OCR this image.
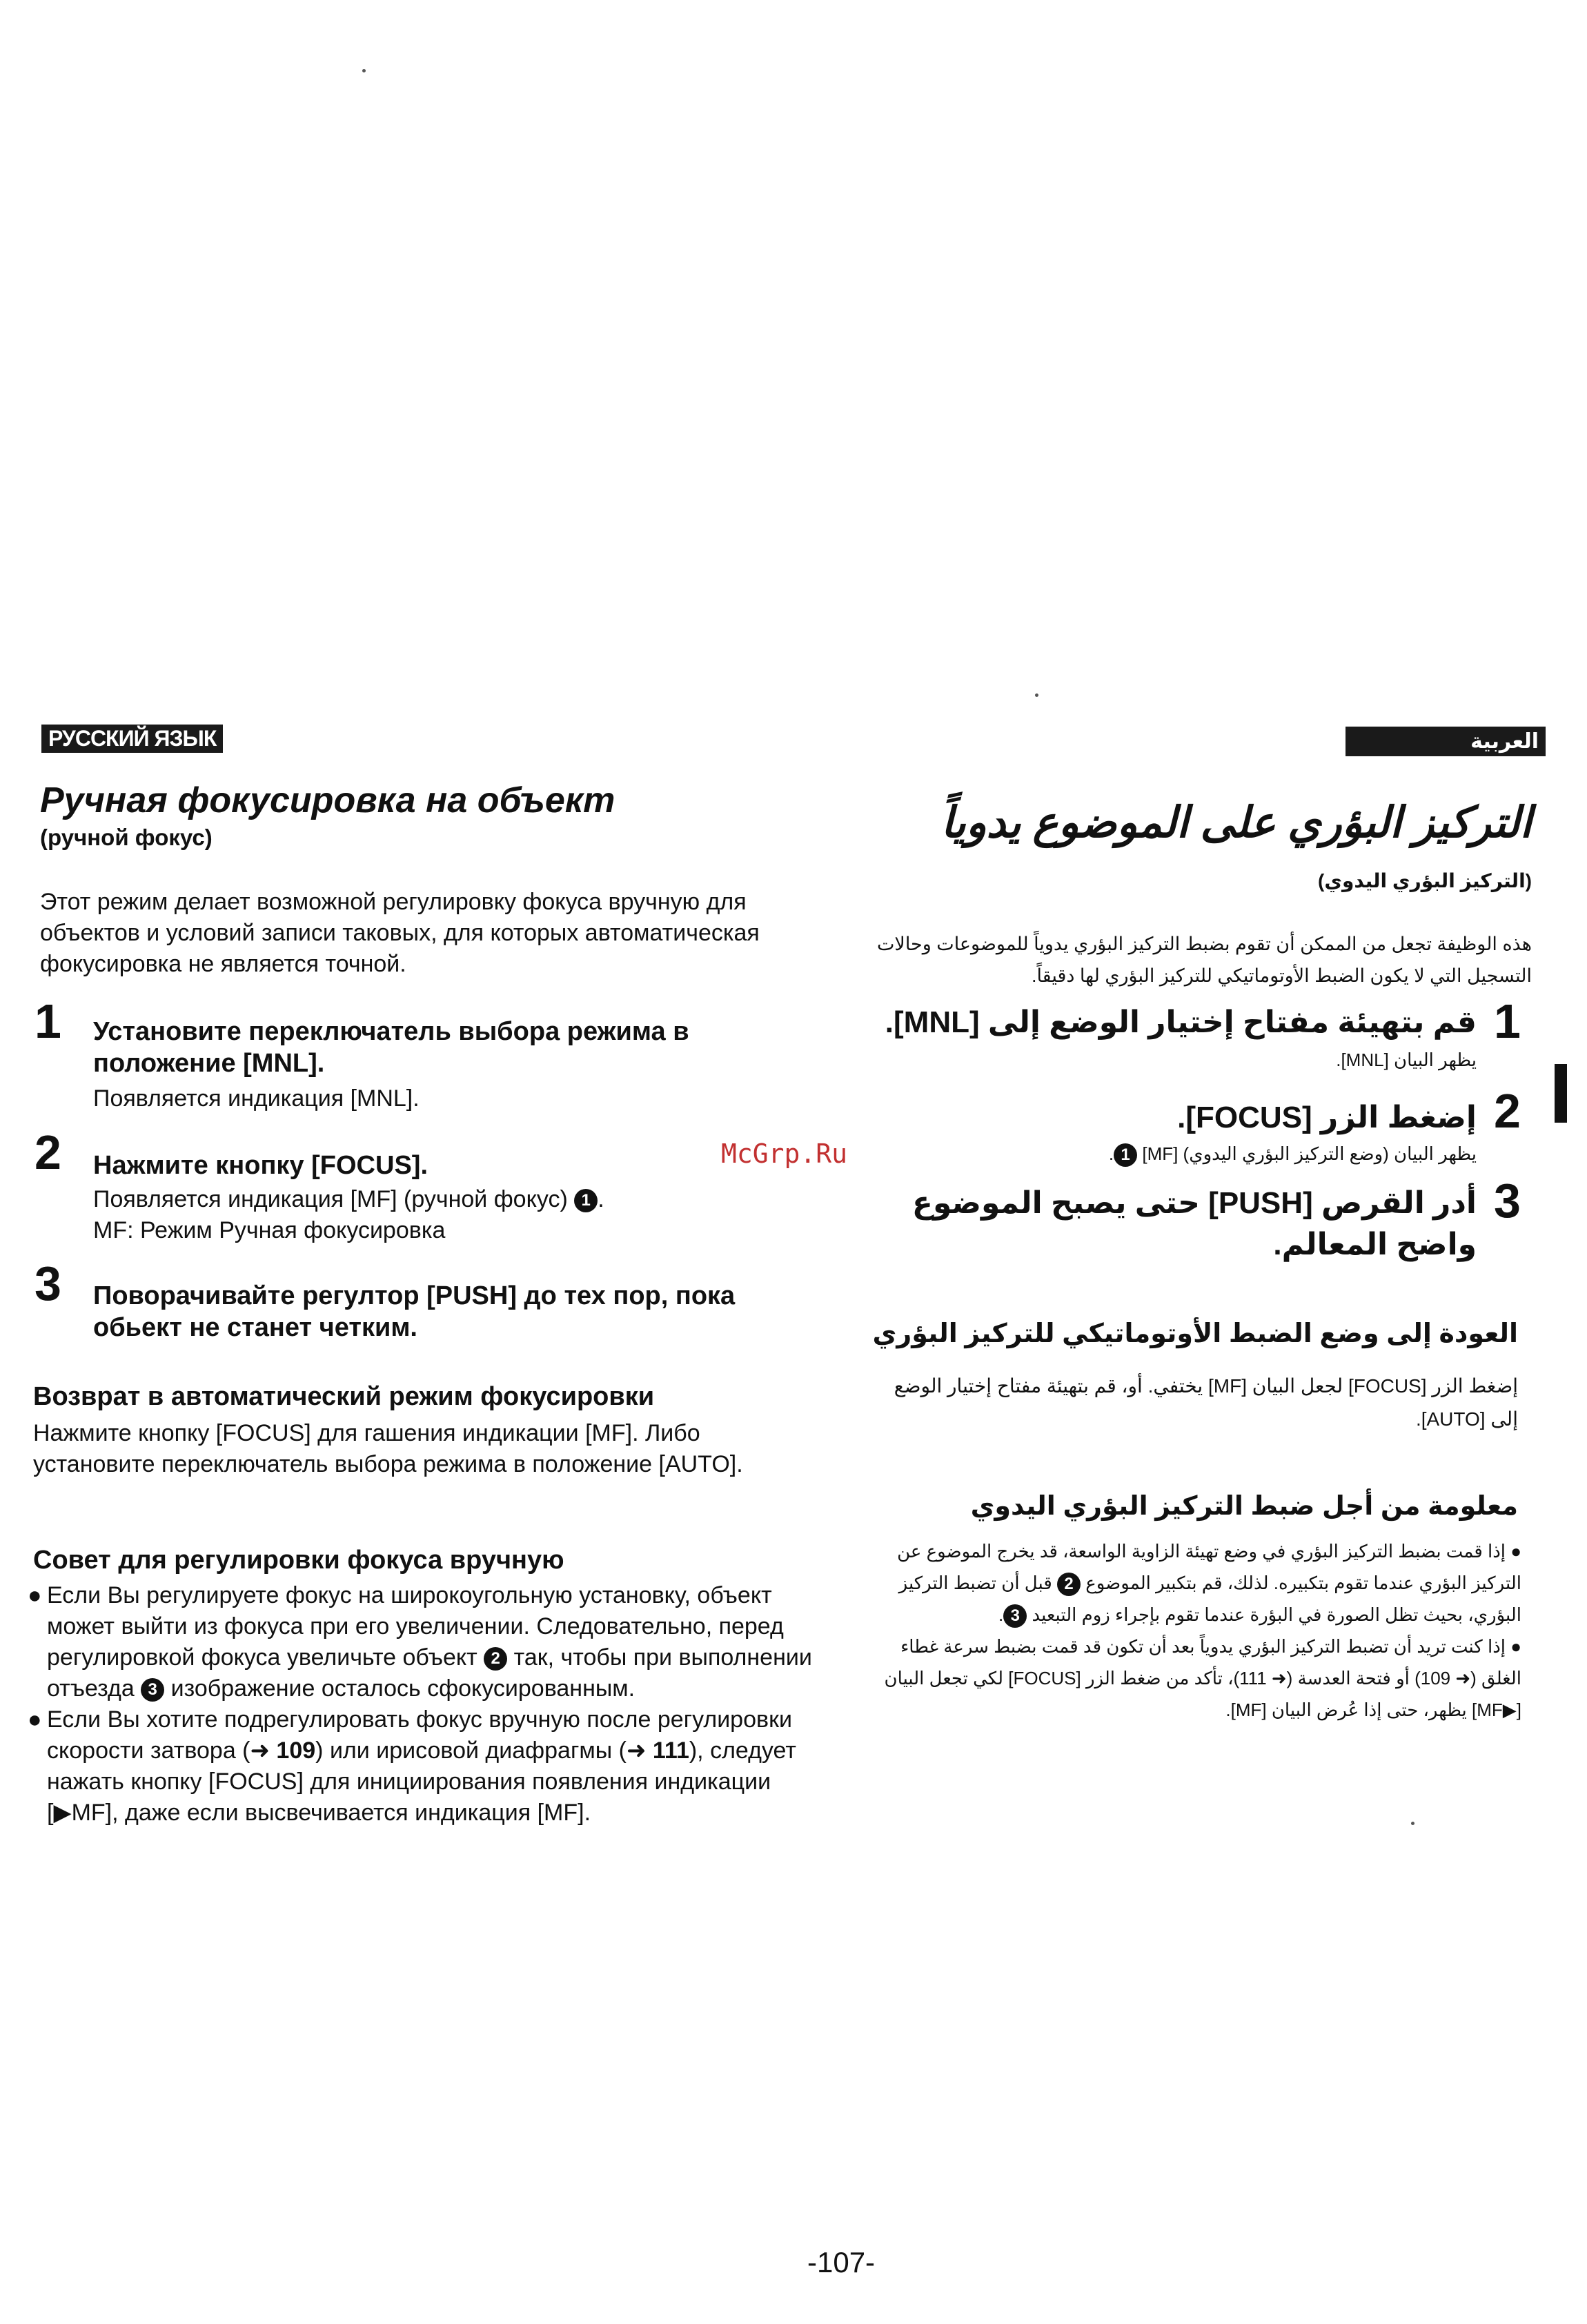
РУССКИЙ ЯЗЫК
Ручная фокусировка на объект
(ручной фокус)
Этот режим делает возможной регулировку фокуса вручную для объектов и условий записи таковых, для которых автоматическая фокусировка не является точной.
1 Установите переключатель выбора режима в положение [MNL].
Появляется индикация [MNL].
2 Нажмите кнопку [FOCUS].
Появляется индикация [MF] (ручной фокус) 1 .
MF: Режим Ручная фокусировка
3 Поворачивайте регултор [PUSH] до тех пор, пока обьект не станет четким.
Возврат в автоматический режим фокусировки
Нажмите кнопку [FOCUS] для гашения индикации [MF]. Либо установите переключатель выбора режима в положение [AUTO].
Совет для регулировки фокуса вручную
● Если Вы регулируете фокус на широкоугольную установку, объект может выйти из фокуса при его увеличении. Следовательно, перед регулировкой фокуса увеличьте объект 2 так, чтобы при выполнении отъезда 3 изображение осталось сфокусированным.
● Если Вы хотите подрегулировать фокус вручную после регулировки скорости затвора (➜ 109) или ирисовой диафрагмы (➜ 111), следует нажать кнопку [FOCUS] для инициирования появления индикации [▶MF], даже если высвечивается индикация [MF].
McGrp.Ru
العربية
التركيز البؤري على الموضوع يدوياً
(التركيز البؤري اليدوي)
هذه الوظيفة تجعل من الممكن أن تقوم بضبط التركيز البؤري يدوياً للموضوعات وحالات التسجيل التي لا يكون الضبط الأوتوماتيكي للتركيز البؤري لها دقيقاً.
1
قم بتهيئة مفتاح إختيار الوضع إلى [MNL].
يظهر البيان [MNL].
2
إضغط الزر [FOCUS].
يظهر البيان (وضع التركيز البؤري اليدوي) [MF] 1.
3
أدر القرص [PUSH] حتى يصبح الموضوع واضح المعالم.
العودة إلى وضع الضبط الأوتوماتيكي للتركيز البؤري
إضغط الزر [FOCUS] لجعل البيان [MF] يختفي. أو، قم بتهيئة مفتاح إختيار الوضع إلى [AUTO].
معلومة من أجل ضبط التركيز البؤري اليدوي
● إذا قمت بضبط التركيز البؤري في وضع تهيئة الزاوية الواسعة، قد يخرج الموضوع عن التركيز البؤري عندما تقوم بتكبيره. لذلك، قم بتكبير الموضوع 2 قبل أن تضبط التركيز البؤري، بحيث تظل الصورة في البؤرة عندما تقوم بإجراء زوم التبعيد 3.
● إذا كنت تريد أن تضبط التركيز البؤري يدوياً بعد أن تكون قد قمت بضبط سرعة غطاء الغلق (➜ 109) أو فتحة العدسة (➜ 111)، تأكد من ضغط الزر [FOCUS] لكي تجعل البيان [▶MF] يظهر، حتى إذا عُرض البيان [MF].
-107-
